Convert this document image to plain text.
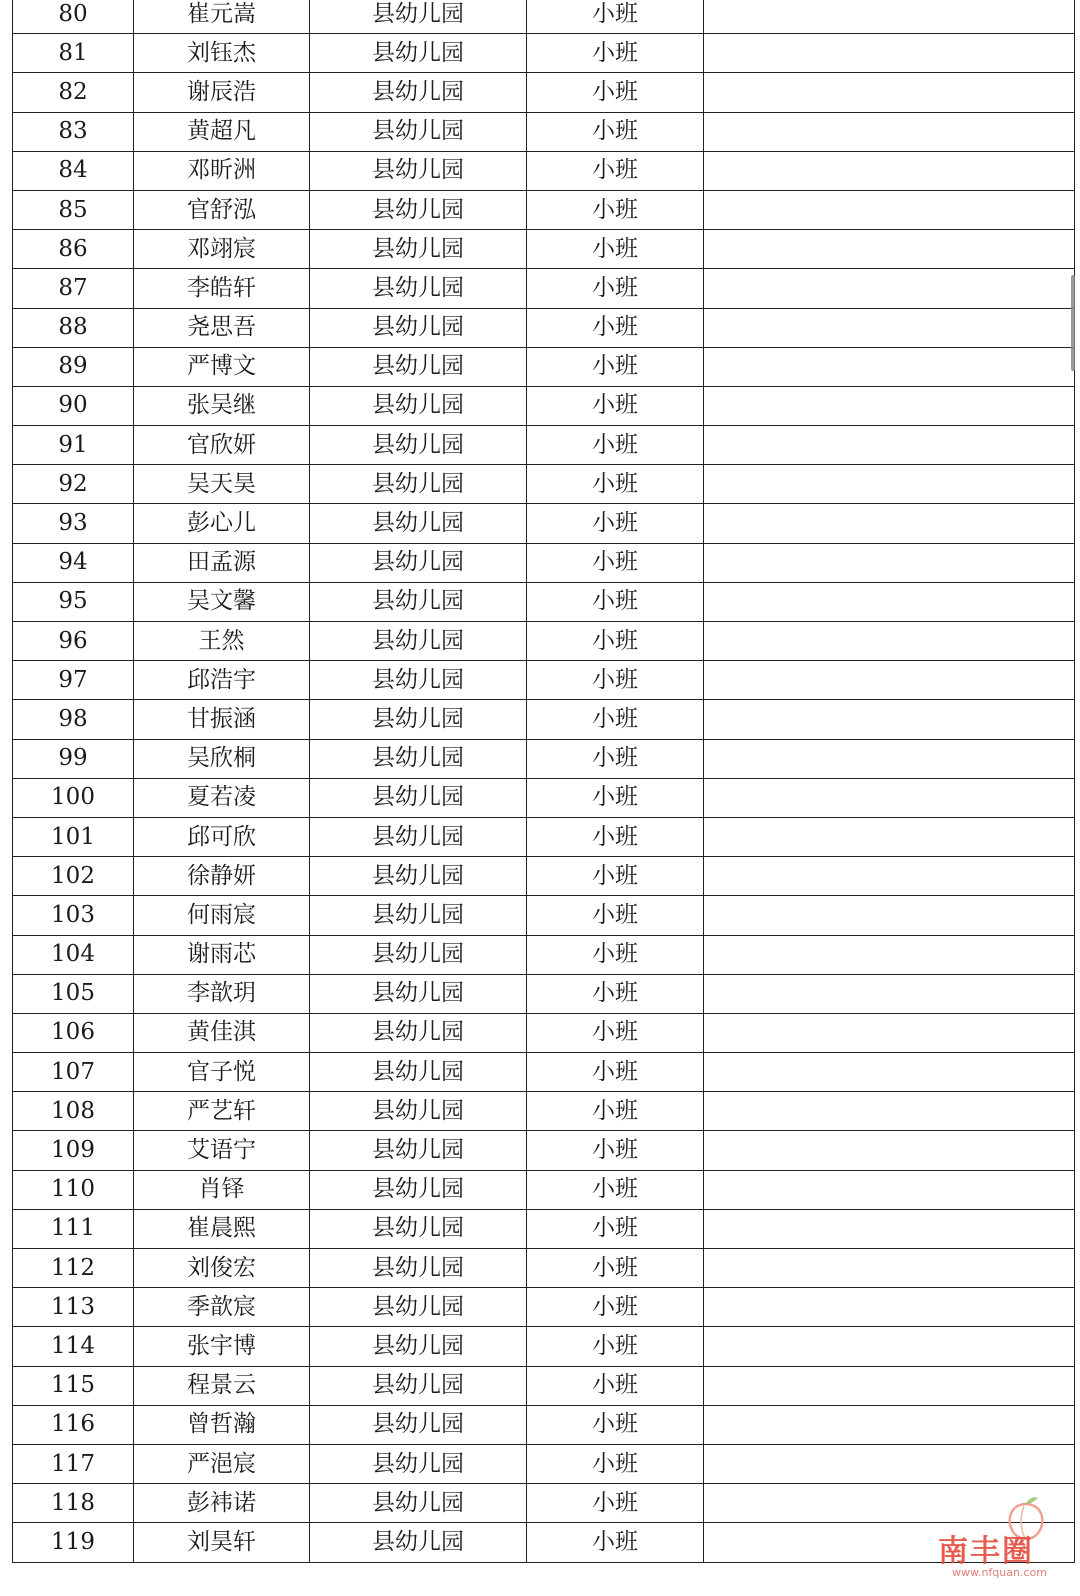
80	崔元嵩	县幼儿园	小班	
81	刘钰杰	县幼儿园	小班	
82	谢辰浩	县幼儿园	小班	
83	黄超凡	县幼儿园	小班	
84	邓昕洲	县幼儿园	小班	
85	官舒泓	县幼儿园	小班	
86	邓翊宸	县幼儿园	小班	
87	李皓轩	县幼儿园	小班	
88	尧思吾	县幼儿园	小班	
89	严博文	县幼儿园	小班	
90	张吴继	县幼儿园	小班	
91	官欣妍	县幼儿园	小班	
92	吴天昊	县幼儿园	小班	
93	彭心儿	县幼儿园	小班	
94	田孟源	县幼儿园	小班	
95	吴文馨	县幼儿园	小班	
96	王然	县幼儿园	小班	
97	邱浩宇	县幼儿园	小班	
98	甘振涵	县幼儿园	小班	
99	吴欣桐	县幼儿园	小班	
100	夏若凌	县幼儿园	小班	
101	邱可欣	县幼儿园	小班	
102	徐静妍	县幼儿园	小班	
103	何雨宸	县幼儿园	小班	
104	谢雨芯	县幼儿园	小班	
105	李歆玥	县幼儿园	小班	
106	黄佳淇	县幼儿园	小班	
107	官子悦	县幼儿园	小班	
108	严艺轩	县幼儿园	小班	
109	艾语宁	县幼儿园	小班	
110	肖铎	县幼儿园	小班	
111	崔晨熙	县幼儿园	小班	
112	刘俊宏	县幼儿园	小班	
113	季歆宸	县幼儿园	小班	
114	张宇博	县幼儿园	小班	
115	程景云	县幼儿园	小班	
116	曾哲瀚	县幼儿园	小班	
117	严浥宸	县幼儿园	小班	
118	彭袆诺	县幼儿园	小班	
119	刘昊轩	县幼儿园	小班		南丰圈
www.nfquan.com
